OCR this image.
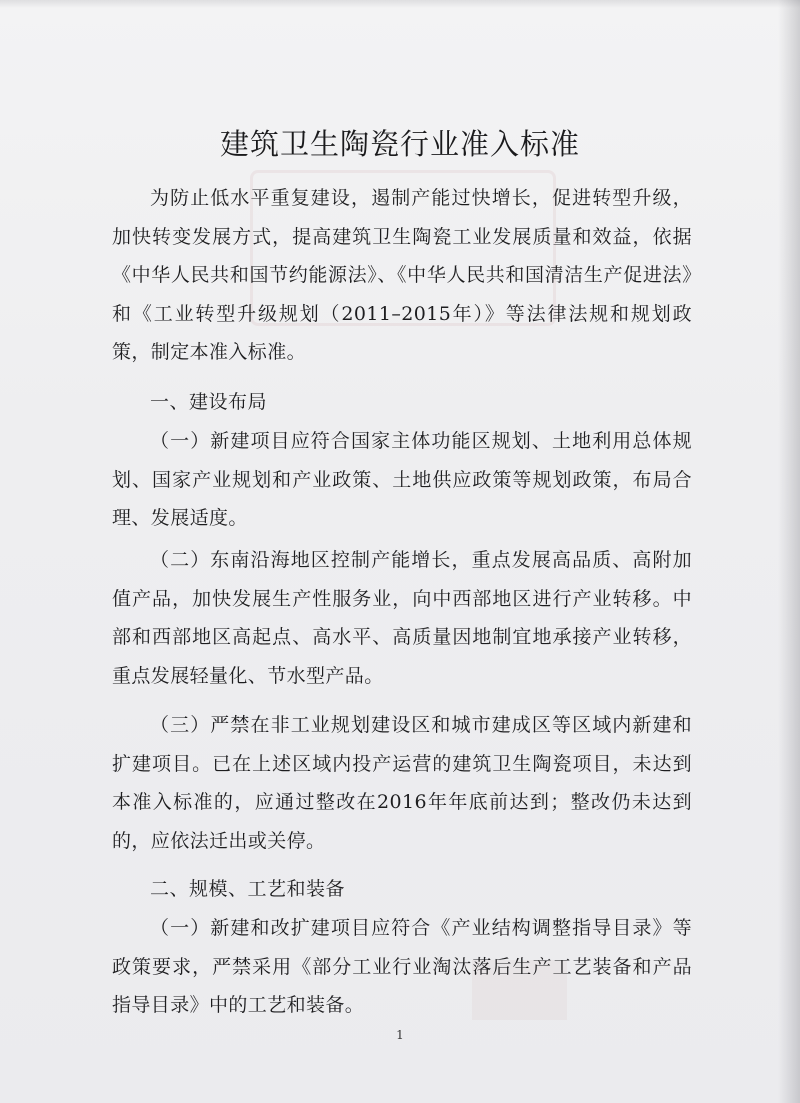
建筑卫生陶瓷行业准入标准

为防止低水平重复建设，遏制产能过快增长，促进转型升级，加快转变发展方式，提高建筑卫生陶瓷工业发展质量和效益，依据《中华人民共和国节约能源法》、《中华人民共和国清洁生产促进法》和《工业转型升级规划（2011–2015年）》等法律法规和规划政策，制定本准入标准。

一、建设布局

（一）新建项目应符合国家主体功能区规划、土地利用总体规划、国家产业规划和产业政策、土地供应政策等规划政策，布局合理、发展适度。

（二）东南沿海地区控制产能增长，重点发展高品质、高附加值产品，加快发展生产性服务业，向中西部地区进行产业转移。中部和西部地区高起点、高水平、高质量因地制宜地承接产业转移，重点发展轻量化、节水型产品。

（三）严禁在非工业规划建设区和城市建成区等区域内新建和扩建项目。已在上述区域内投产运营的建筑卫生陶瓷项目，未达到本准入标准的，应通过整改在2016年年底前达到；整改仍未达到的，应依法迁出或关停。

二、规模、工艺和装备

（一）新建和改扩建项目应符合《产业结构调整指导目录》等政策要求，严禁采用《部分工业行业淘汰落后生产工艺装备和产品指导目录》中的工艺和装备。

1
